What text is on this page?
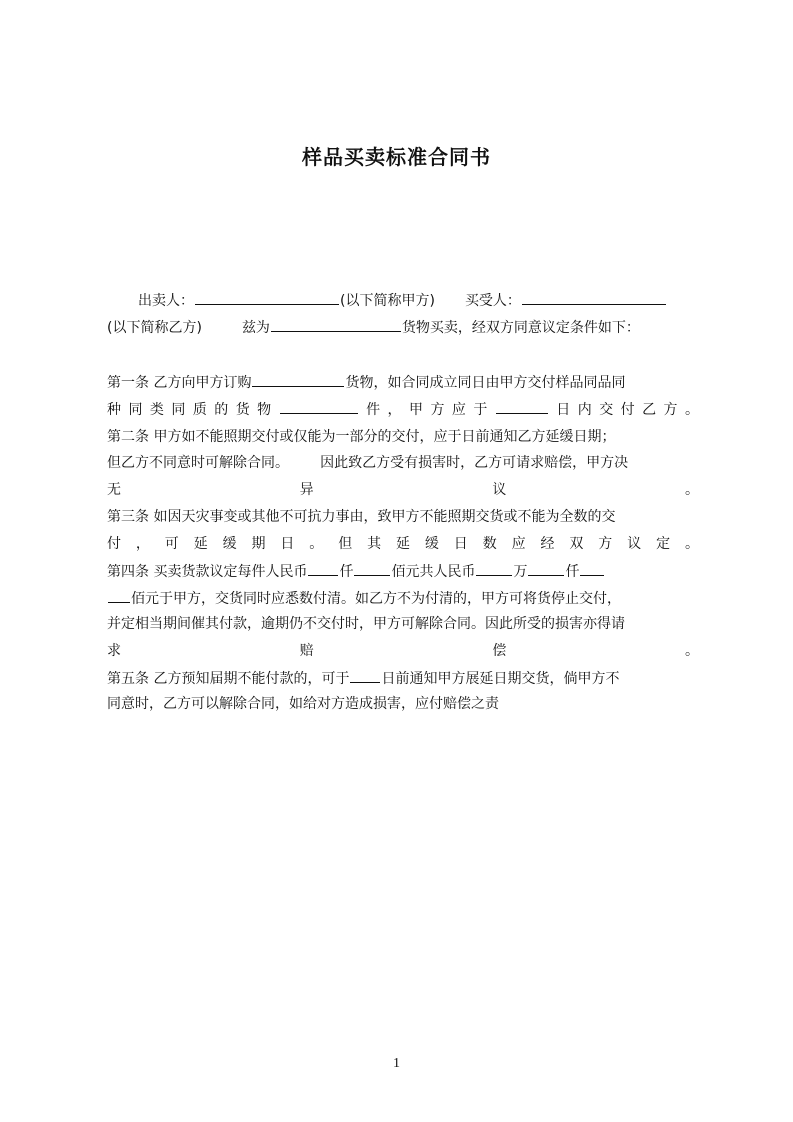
样品买卖标准合同书
出卖人：	(以下简称甲方) 买受人：
(以下简称乙方)	兹为	货物买卖，经双方同意议定条件如下：
第一条 乙方向甲方订购	货物，如合同成立同日由甲方交付样品同品同
种同类同质的货物	件，甲方应于	日内交付乙方。
第二条 甲方如不能照期交付或仅能为一部分的交付，应于日前通知乙方延缓日期；
但乙方不同意时可解除合同。       因此致乙方受有损害时，乙方可请求赔偿，甲方决
无 异 议 。
第三条 如因天灾事变或其他不可抗力事由，致甲方不能照期交货或不能为全数的交
付 ， 可 延 缓 期 日 。 但 其 延 缓 日 数 应 经 双 方 议 定 。
第四条 买卖货款议定每件人民币 仟	佰元共人民币	万	仟
佰元于甲方，交货同时应悉数付清。如乙方不为付清的，甲方可将货停止交付，
并定相当期间催其付款，逾期仍不交付时，甲方可解除合同。因此所受的损害亦得请
求 赔 偿 。
第五条 乙方预知届期不能付款的，可于 日前通知甲方展延日期交货，倘甲方不
同意时，乙方可以解除合同，如给对方造成损害，应付赔偿之责
1
